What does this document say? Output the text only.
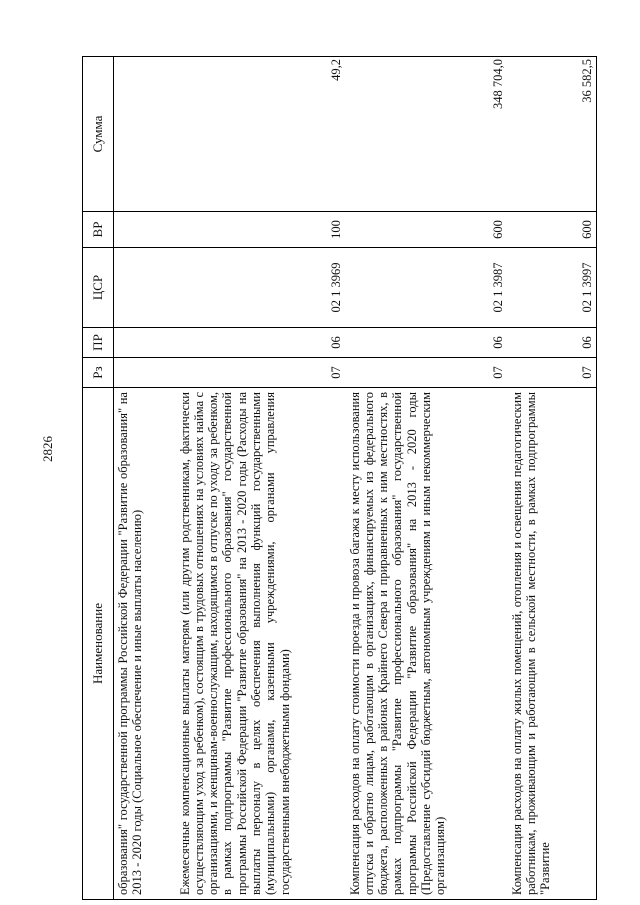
2826
Наименование	Рз	ПР	ЦСР	ВР	Сумма
образования" государственной программы Российской Федерации "Развитие образования" на 2013 - 2020 годы (Социальное обеспечение и иные выплаты населению)					
Ежемесячные компенсационные выплаты матерям (или другим родственникам, фактически осуществляющим уход за ребенком), состоящим в трудовых отношениях на условиях найма с организациями, и женщинам-военнослужащим, находящимся в отпуске по уходу за ребенком, в рамках подпрограммы "Развитие профессионального образования" государственной программы Российской Федерации "Развитие образования" на 2013 - 2020 годы (Расходы на выплаты персоналу в целях обеспечения выполнения функций государственными (муниципальными) органами, казенными учреждениями, органами управления государственными внебюджетными фондами)	07	06	02 1 3969	100	49,2
Компенсация расходов на оплату стоимости проезда и провоза багажа к месту использования отпуска и обратно лицам, работающим в организациях, финансируемых из федерального бюджета, расположенных в районах Крайнего Севера и приравненных к ним местностях, в рамках подпрограммы "Развитие профессионального образования" государственной программы Российской Федерации "Развитие образования" на 2013 - 2020 годы (Предоставление субсидий бюджетным, автономным учреждениям и иным некоммерческим организациям)	07	06	02 1 3987	600	348 704,0
Компенсация расходов на оплату жилых помещений, отопления и освещения педагогическим работникам, проживающим и работающим в сельской местности, в рамках подпрограммы "Развитие	07	06	02 1 3997	600	36 582,5
